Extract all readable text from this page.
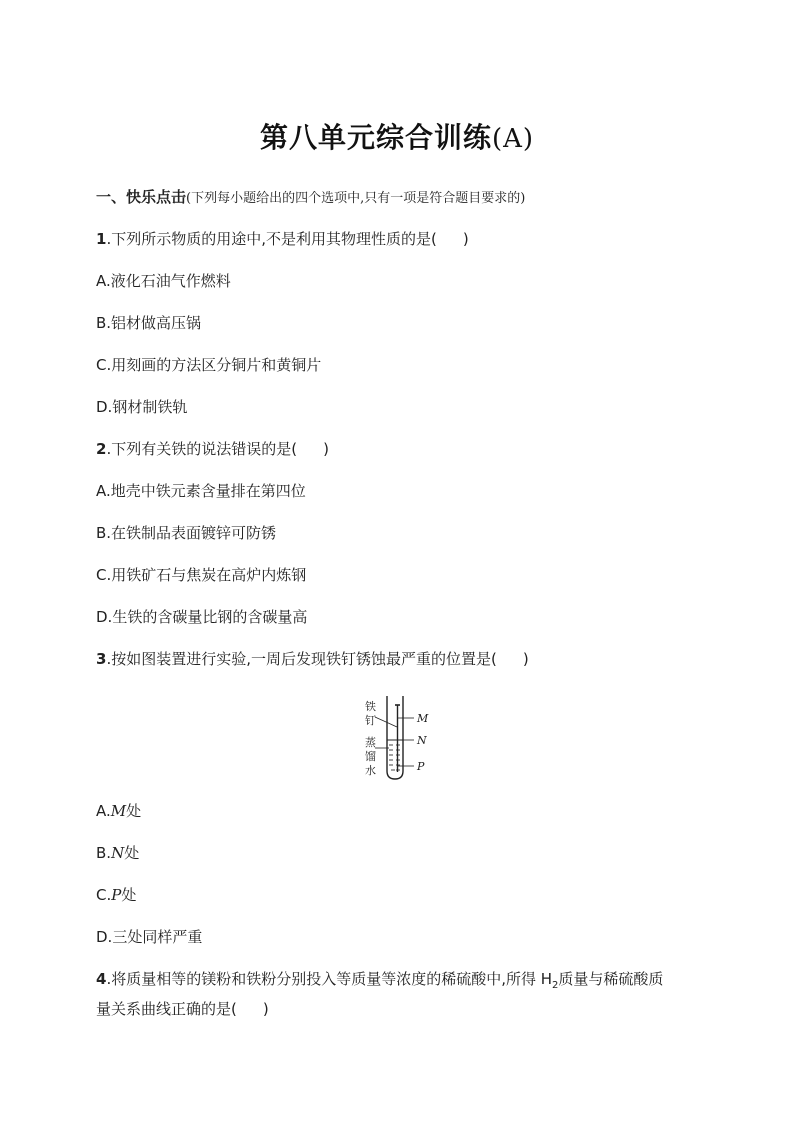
第八单元综合训练(A)
一、快乐点击(下列每小题给出的四个选项中,只有一项是符合题目要求的)
1.下列所示物质的用途中,不是利用其物理性质的是( )
A.液化石油气作燃料
B.铝材做高压锅
C.用刻画的方法区分铜片和黄铜片
D.钢材制铁轨
2.下列有关铁的说法错误的是( )
A.地壳中铁元素含量排在第四位
B.在铁制品表面镀锌可防锈
C.用铁矿石与焦炭在高炉内炼钢
D.生铁的含碳量比钢的含碳量高
3.按如图装置进行实验,一周后发现铁钉锈蚀最严重的位置是( )
铁
钉
蒸
馏
水
M
N
P
A.M处
B.N处
C.P处
D.三处同样严重
4.将质量相等的镁粉和铁粉分别投入等质量等浓度的稀硫酸中,所得 $H_2$质量与稀硫酸质
量关系曲线正确的是( )
